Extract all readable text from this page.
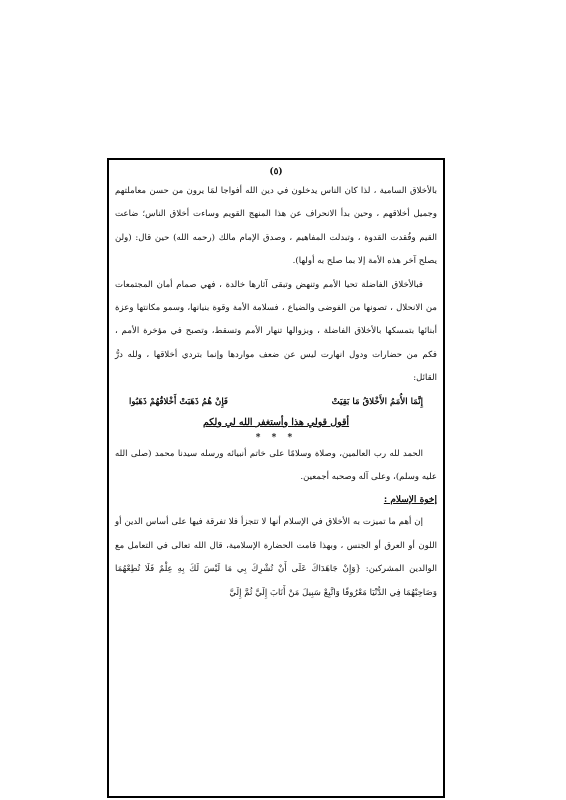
(٥)

بالأخلاق السامية ، لذا كان الناس يدخلون في دين الله أفواجا لمَا يرون من حسن معاملتهم وجميل أخلاقهم ، وحين بدأ الانحراف عن هذا المنهج القويم وساءت أخلاق الناس؛ ضاعت القيم وفُقدت القدوة ، وتبدلت المفاهيم ، وصدق الإمام مالك (رحمه الله) حين قال: (ولن يصلح آخر هذه الأمة إلا بما صلح به أولها).

فبالأخلاق الفاضلة تحيا الأمم وتنهض وتبقى آثارها خالدة ، فهي صمام أمان المجتمعات من الانحلال ، تصونها من الفوضى والضياع ، فسلامة الأمة وقوة بنيانها، وسمو مكانتها وعزة أبنائها بتمسكها بالأخلاق الفاضلة ، وبزوالها تنهار الأمم وتسقط، وتصبح في مؤخرة الأمم ، فكم من حضارات ودول انهارت ليس عن ضعف مواردها وإنما بتردي أخلاقها ، ولله درُّ القائل:

إِنَّمَا الأُمَمُ الأَخْلاقُ مَا بَقِيَتْ
فَإِنْ هُمُ ذَهَبَتْ أَخْلاقُهُمْ ذَهَبُوا
أقول قولي هذا وأستغفر الله لي ولكم
* * *

الحمد لله رب العالمين، وصلاة وسلامًا على خاتم أنبيائه ورسله سيدنا محمد (صلى الله عليه وسلم)، وعلى آله وصحبه أجمعين.

إخوة الإسلام :

إن أهم ما تميزت به الأخلاق في الإسلام أنها لا تتجزأ فلا تفرقة فيها على أساس الدين أو اللون أو العرق أو الجنس ، وبهذا قامت الحضارة الإسلامية، قال الله تعالى في التعامل مع الوالدين المشركين: {وَإِنْ جَاهَدَاكَ عَلَى أَنْ تُشْرِكَ بِي مَا لَيْسَ لَكَ بِهِ عِلْمٌ فَلَا تُطِعْهُمَا وَصَاحِبْهُمَا فِي الدُّنْيَا مَعْرُوفًا وَاتَّبِعْ سَبِيلَ مَنْ أَنَابَ إِلَيَّ ثُمَّ إِلَيَّ
